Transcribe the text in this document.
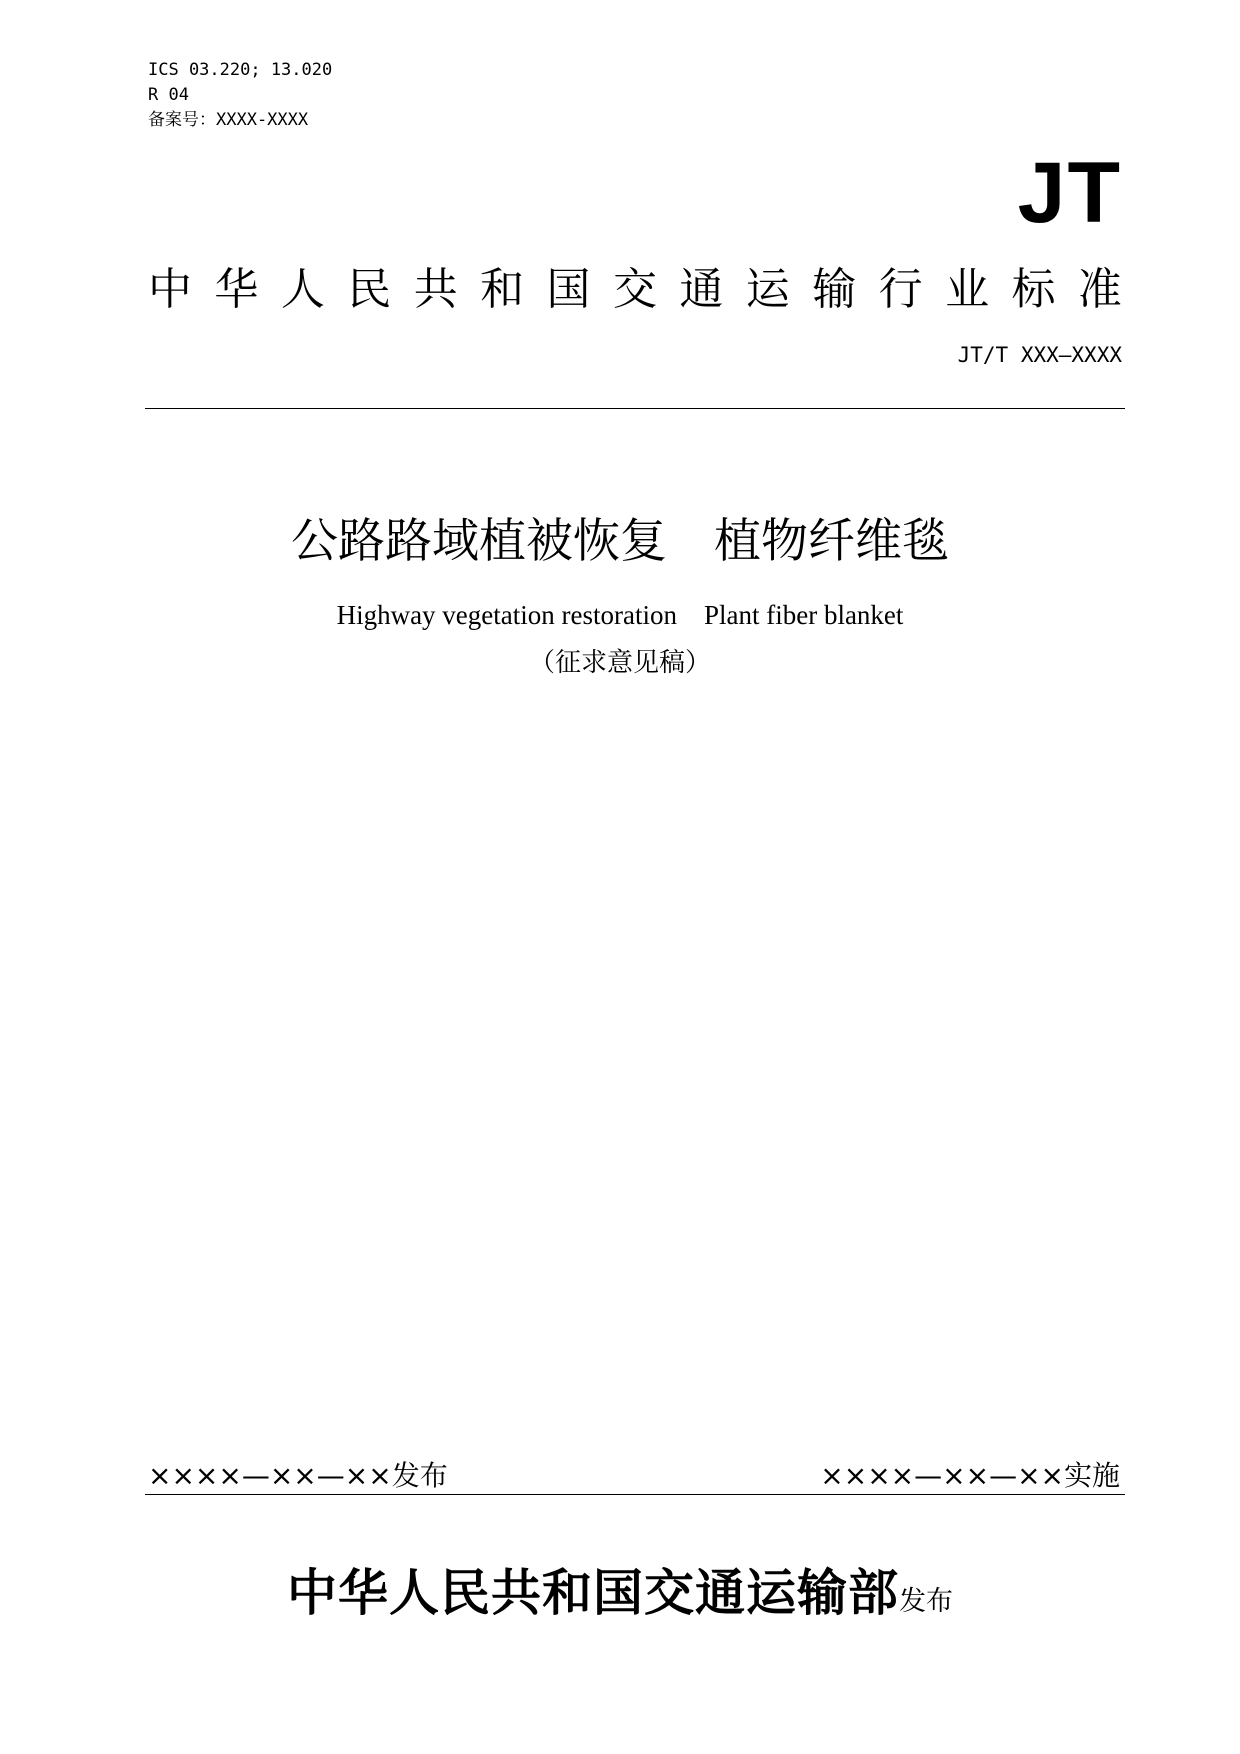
ICS 03.220; 13.020
R 04
备案号：XXXX-XXXX
JT
中 华 人 民 共 和 国 交 通 运 输 行 业 标 准
JT/T XXX—XXXX
公路路域植被恢复　植物纤维毯
Highway vegetation restoration    Plant fiber blanket
（征求意见稿）
××××—××—××发布	××××—××—××实施
中华人民共和国交通运输部发布
